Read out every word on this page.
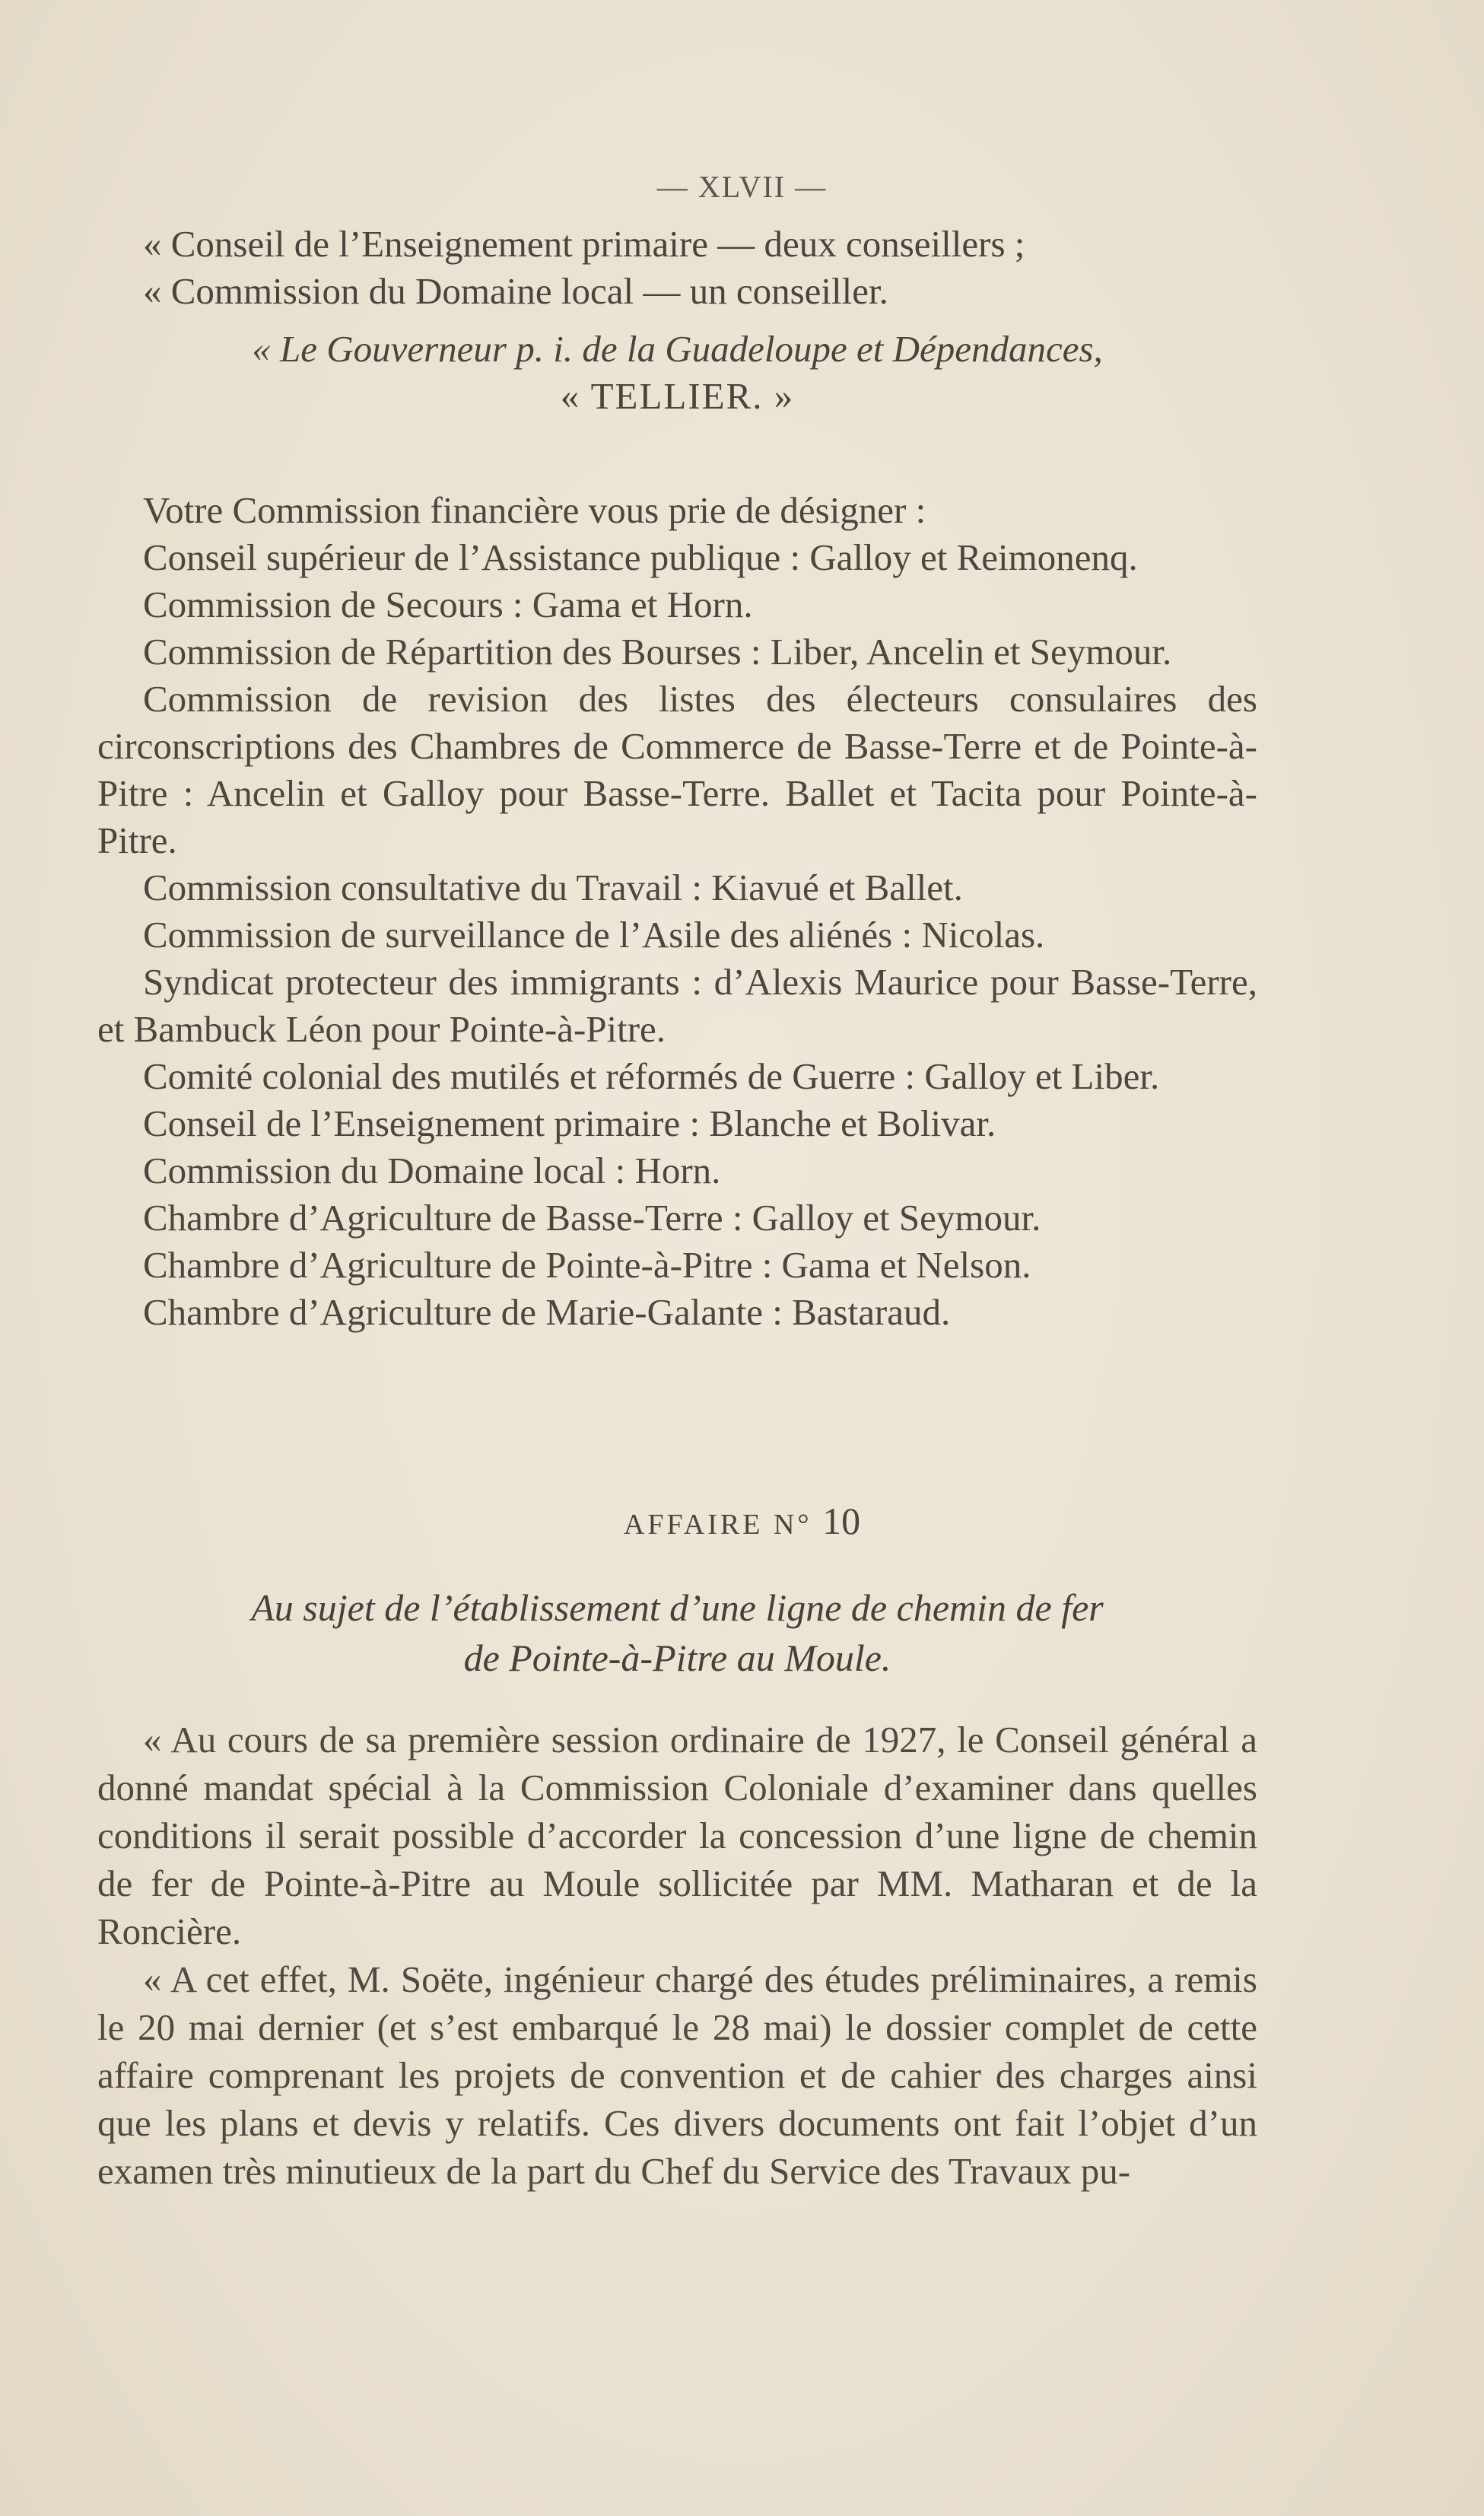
— XLVII —

« Conseil de l’Enseignement primaire — deux conseillers ;

« Commission du Domaine local — un conseiller.

« Le Gouverneur p. i. de la Guadeloupe et Dépendances,

« TELLIER. »

Votre Commission financière vous prie de désigner :

Conseil supérieur de l’Assistance publique : Galloy et Reimonenq.

Commission de Secours : Gama et Horn.

Commission de Répartition des Bourses : Liber, Ancelin et Seymour.

Commission de revision des listes des électeurs consulaires des circonscriptions des Chambres de Commerce de Basse-Terre et de Pointe-à-Pitre : Ancelin et Galloy pour Basse-Terre. Ballet et Tacita pour Pointe-à-Pitre.

Commission consultative du Travail : Kiavué et Ballet.

Commission de surveillance de l’Asile des aliénés : Nicolas.

Syndicat protecteur des immigrants : d’Alexis Maurice pour Basse-Terre, et Bambuck Léon pour Pointe-à-Pitre.

Comité colonial des mutilés et réformés de Guerre : Galloy et Liber.

Conseil de l’Enseignement primaire : Blanche et Bolivar.

Commission du Domaine local : Horn.

Chambre d’Agriculture de Basse-Terre : Galloy et Seymour.

Chambre d’Agriculture de Pointe-à-Pitre : Gama et Nelson.

Chambre d’Agriculture de Marie-Galante : Bastaraud.

AFFAIRE N° 10
Au sujet de l’établissement d’une ligne de chemin de fer
de Pointe-à-Pitre au Moule.

« Au cours de sa première session ordinaire de 1927, le Conseil général a donné mandat spécial à la Commission Coloniale d’examiner dans quelles conditions il serait possible d’accorder la concession d’une ligne de chemin de fer de Pointe-à-Pitre au Moule sollicitée par MM. Matharan et de la Roncière.

« A cet effet, M. Soëte, ingénieur chargé des études préliminaires, a remis le 20 mai dernier (et s’est embarqué le 28 mai) le dossier complet de cette affaire comprenant les projets de convention et de cahier des charges ainsi que les plans et devis y relatifs. Ces divers documents ont fait l’objet d’un examen très minutieux de la part du Chef du Service des Travaux pu-
